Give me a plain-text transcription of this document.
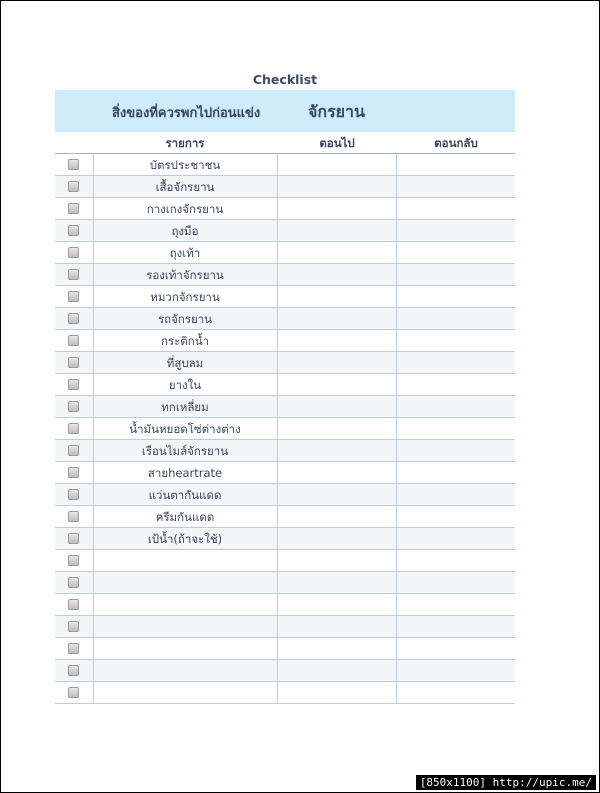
Checklist
สิ่งของที่ควรพกไปก่อนแข่ง	จักรยาน
รายการ	ตอนไป	ตอนกลับ
บัตรประชาชน
เสื้อจักรยาน
กางเกงจักรยาน
ถุงมือ
ถุงเท้า
รองเท้าจักรยาน
หมวกจักรยาน
รถจักรยาน
กระติกน้ำ
ที่สูบลม
ยางใน
ทกเหลี่ยม
น้ำมันหยอดโซ่ต่างต่าง
เรือนไมล์จักรยาน
สายheartrate
แว่นตากันแดด
ครีมกันแดด
เป้น้ำ(ถ้าจะใช้)
[850x1100] http://upic.me/
